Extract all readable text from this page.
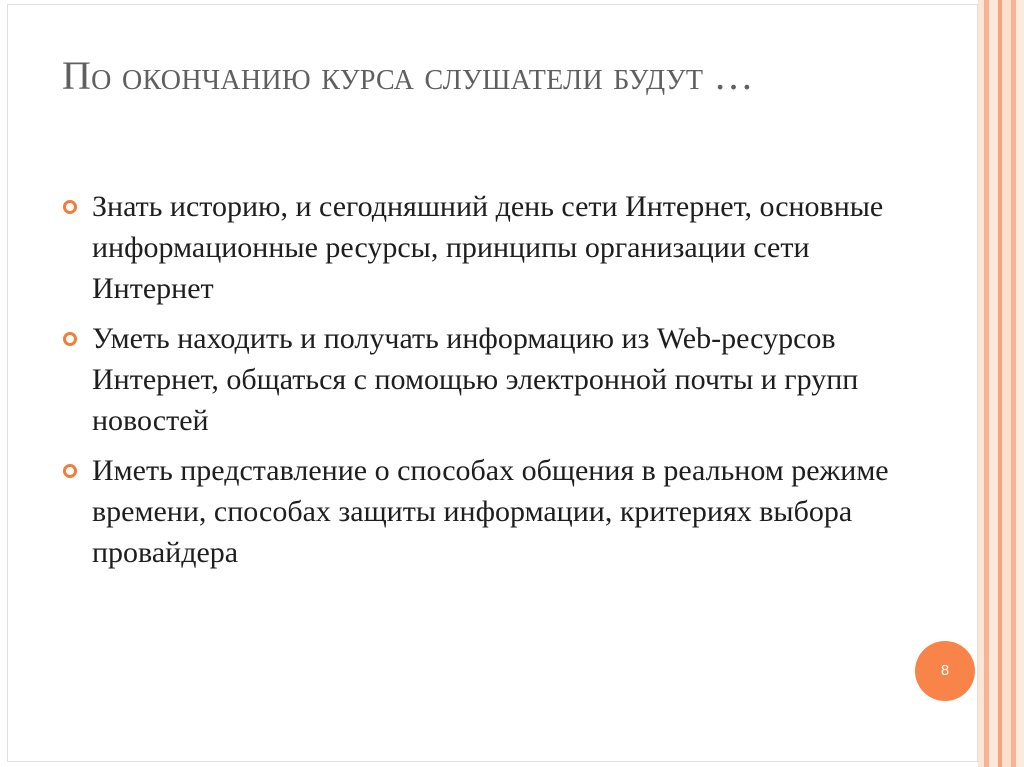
По окончанию курса слушатели будут …
Знать историю, и сегодняшний день сети Интернет, основные информационные ресурсы, принципы организации сети Интернет
Уметь находить и получать информацию из Web-ресурсов Интернет, общаться с помощью электронной почты и групп новостей
Иметь представление о способах общения в реальном режиме времени, способах защиты информации, критериях выбора провайдера
8
